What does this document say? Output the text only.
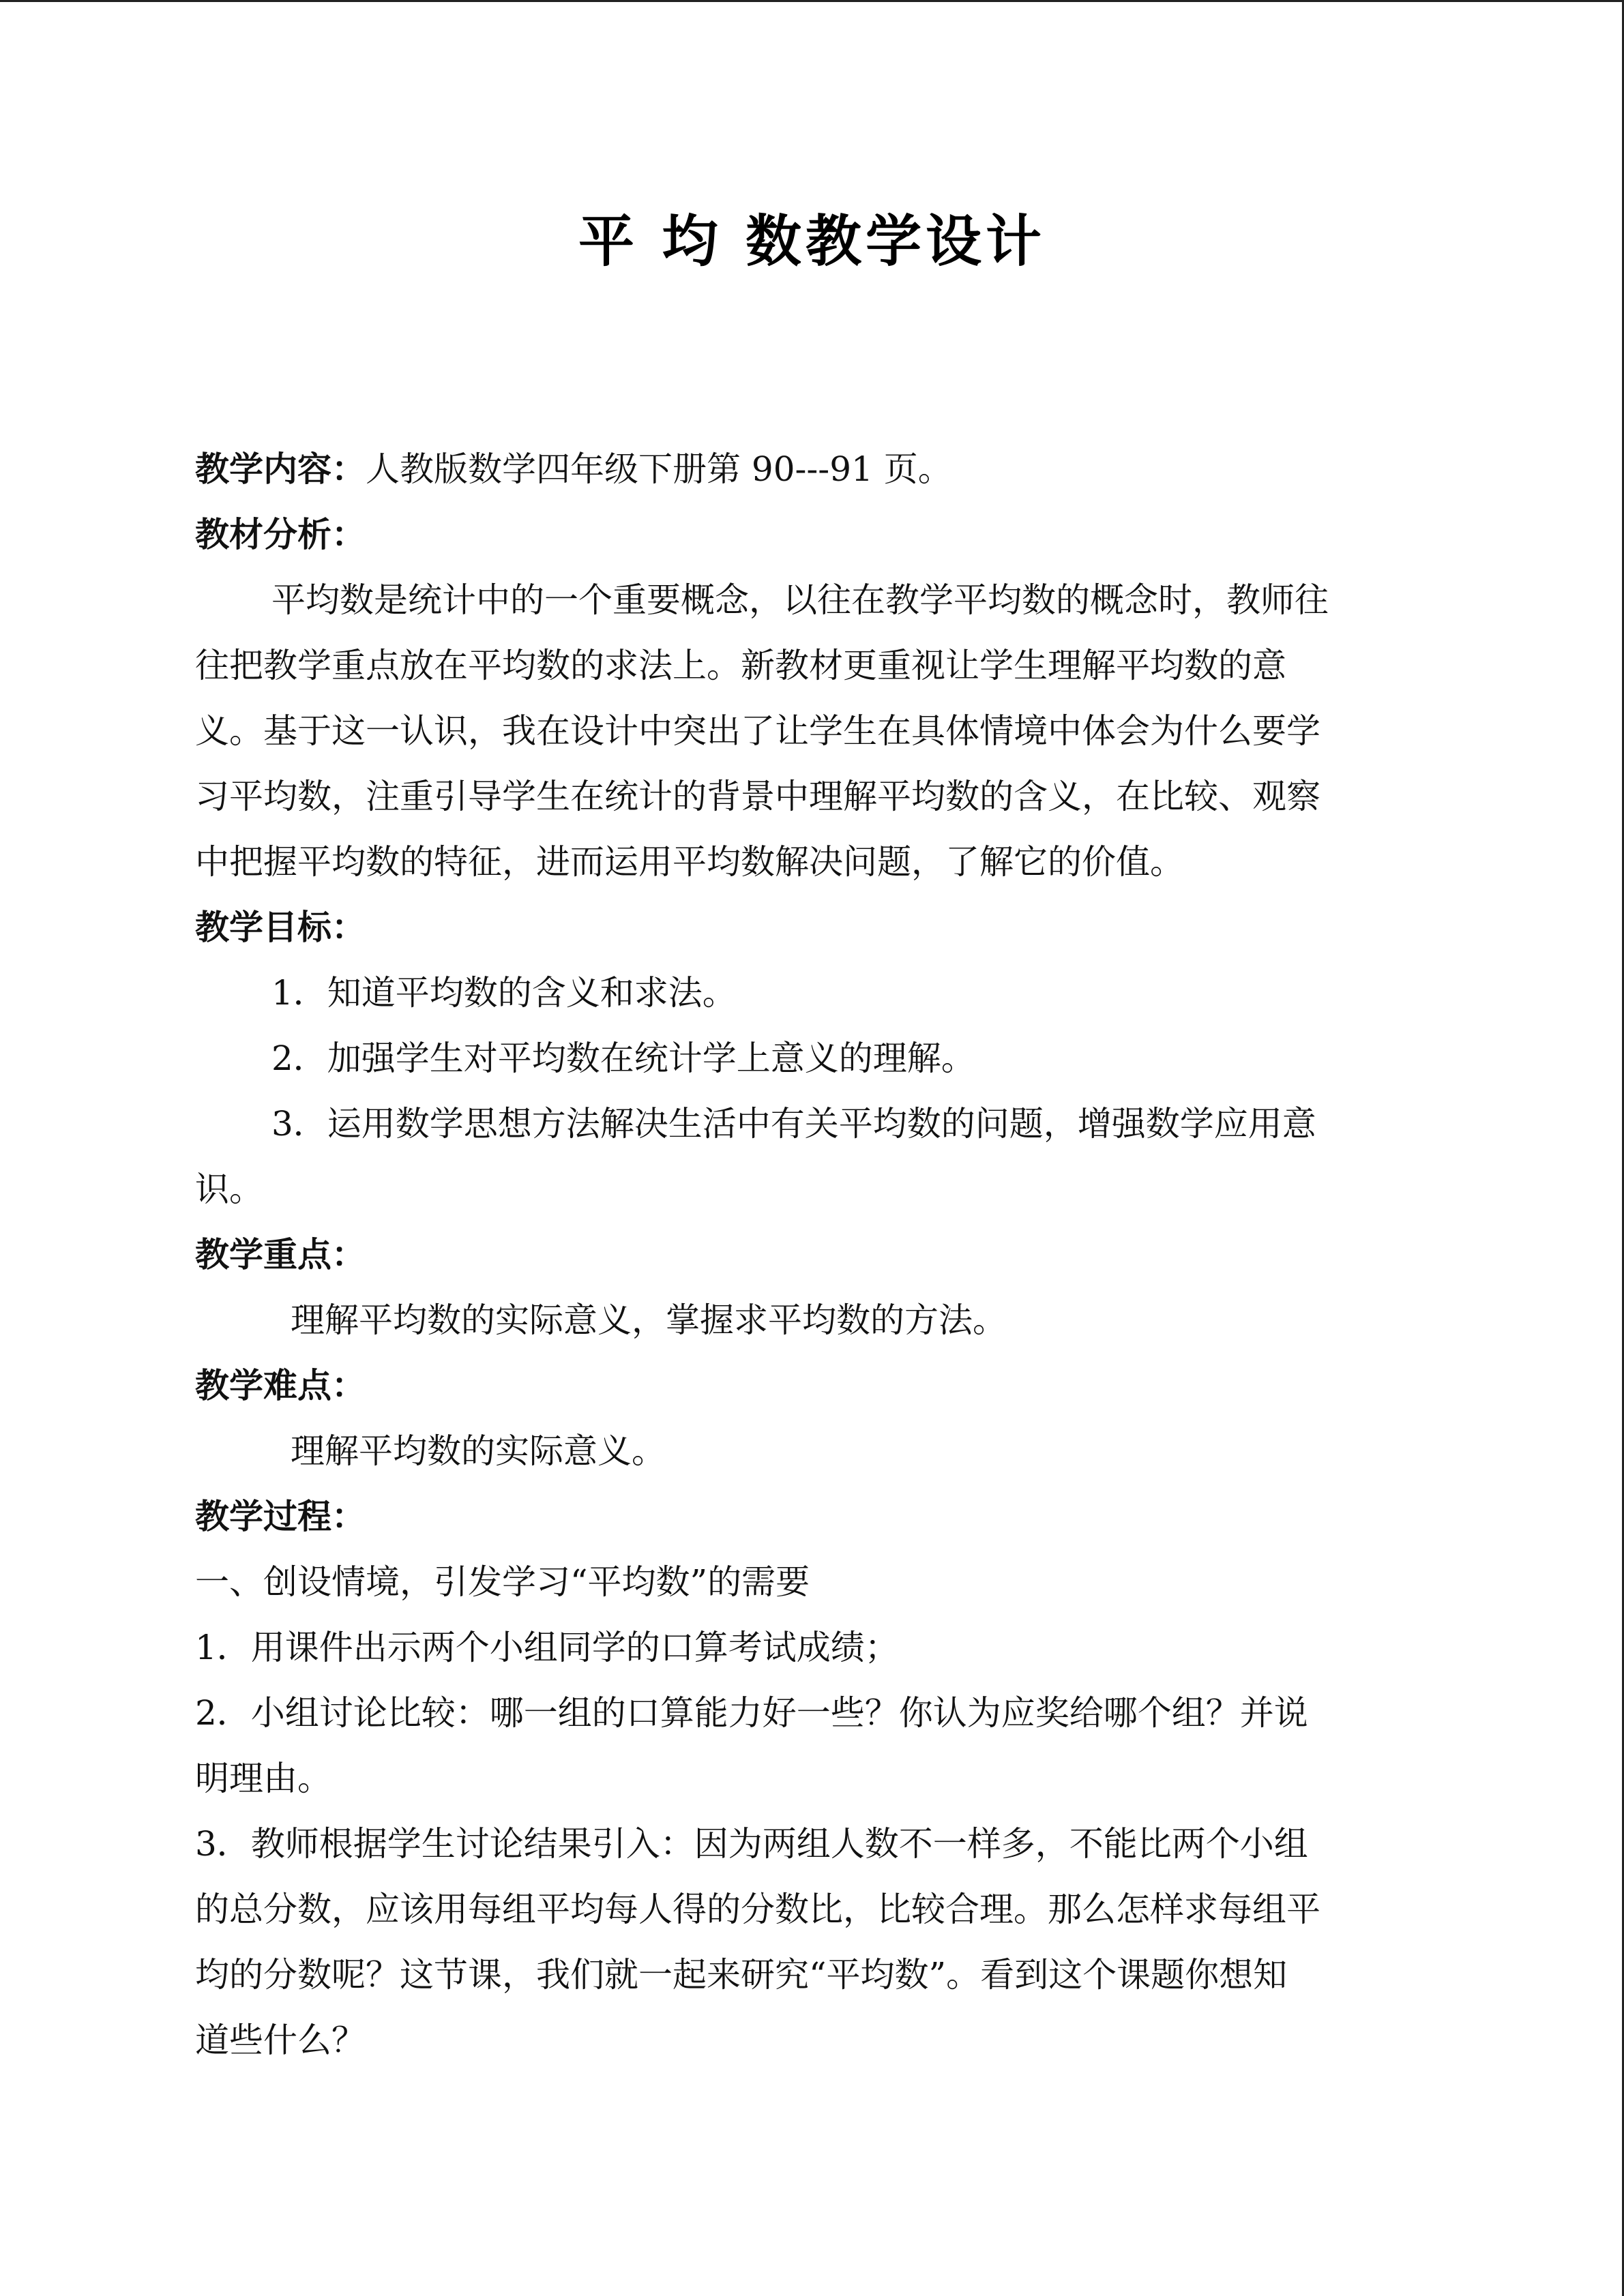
平 均 数教学设计
教学内容：人教版数学四年级下册第 90---91 页。
教材分析：
平均数是统计中的一个重要概念，以往在教学平均数的概念时，教师往
往把教学重点放在平均数的求法上。新教材更重视让学生理解平均数的意
义。基于这一认识，我在设计中突出了让学生在具体情境中体会为什么要学
习平均数，注重引导学生在统计的背景中理解平均数的含义，在比较、观察
中把握平均数的特征，进而运用平均数解决问题，了解它的价值。
教学目标：
1．知道平均数的含义和求法。
2．加强学生对平均数在统计学上意义的理解。
3．运用数学思想方法解决生活中有关平均数的问题，增强数学应用意
识。
教学重点：
理解平均数的实际意义，掌握求平均数的方法。
教学难点：
理解平均数的实际意义。
教学过程：
一、创设情境，引发学习“平均数”的需要
1．用课件出示两个小组同学的口算考试成绩；
2．小组讨论比较：哪一组的口算能力好一些？你认为应奖给哪个组？并说
明理由。
3．教师根据学生讨论结果引入：因为两组人数不一样多，不能比两个小组
的总分数，应该用每组平均每人得的分数比，比较合理。那么怎样求每组平
均的分数呢？这节课，我们就一起来研究“平均数”。看到这个课题你想知
道些什么？
